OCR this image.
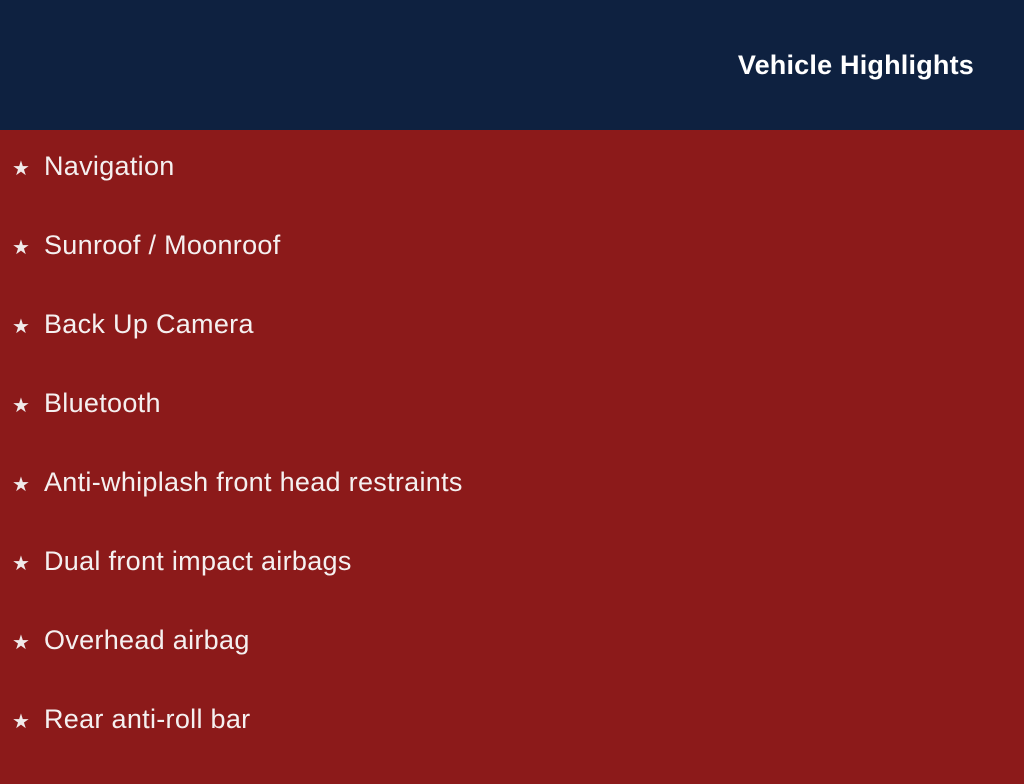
Vehicle Highlights
★ Navigation
★ Sunroof / Moonroof
★ Back Up Camera
★ Bluetooth
★ Anti-whiplash front head restraints
★ Dual front impact airbags
★ Overhead airbag
★ Rear anti-roll bar
